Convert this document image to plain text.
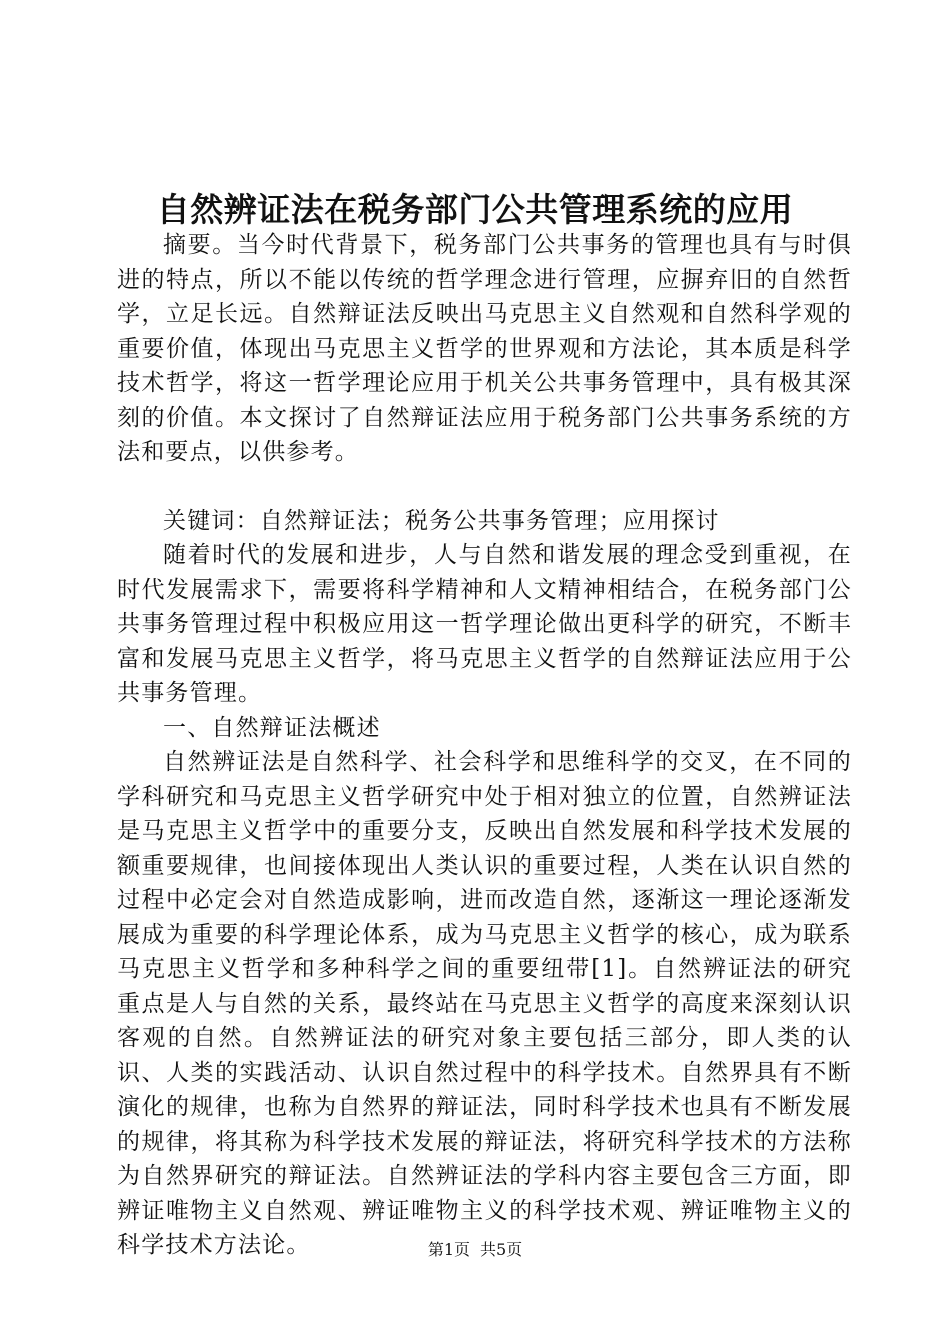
自然辨证法在税务部门公共管理系统的应用

摘要。当今时代背景下，税务部门公共事务的管理也具有与时俱进的特点，所以不能以传统的哲学理念进行管理，应摒弃旧的自然哲学，立足长远。自然辩证法反映出马克思主义自然观和自然科学观的重要价值，体现出马克思主义哲学的世界观和方法论，其本质是科学技术哲学，将这一哲学理论应用于机关公共事务管理中，具有极其深刻的价值。本文探讨了自然辩证法应用于税务部门公共事务系统的方法和要点，以供参考。

关键词：自然辩证法；税务公共事务管理；应用探讨

随着时代的发展和进步，人与自然和谐发展的理念受到重视，在时代发展需求下，需要将科学精神和人文精神相结合，在税务部门公共事务管理过程中积极应用这一哲学理论做出更科学的研究，不断丰富和发展马克思主义哲学，将马克思主义哲学的自然辩证法应用于公共事务管理。

一、自然辩证法概述

自然辨证法是自然科学、社会科学和思维科学的交叉，在不同的学科研究和马克思主义哲学研究中处于相对独立的位置，自然辨证法是马克思主义哲学中的重要分支，反映出自然发展和科学技术发展的额重要规律，也间接体现出人类认识的重要过程，人类在认识自然的过程中必定会对自然造成影响，进而改造自然，逐渐这一理论逐渐发展成为重要的科学理论体系，成为马克思主义哲学的核心，成为联系马克思主义哲学和多种科学之间的重要纽带[1]。自然辨证法的研究重点是人与自然的关系，最终站在马克思主义哲学的高度来深刻认识客观的自然。自然辨证法的研究对象主要包括三部分，即人类的认识、人类的实践活动、认识自然过程中的科学技术。自然界具有不断演化的规律，也称为自然界的辩证法，同时科学技术也具有不断发展的规律，将其称为科学技术发展的辩证法，将研究科学技术的方法称为自然界研究的辩证法。自然辨证法的学科内容主要包含三方面，即辨证唯物主义自然观、辨证唯物主义的科学技术观、辨证唯物主义的科学技术方法论。	第1页 共5页
